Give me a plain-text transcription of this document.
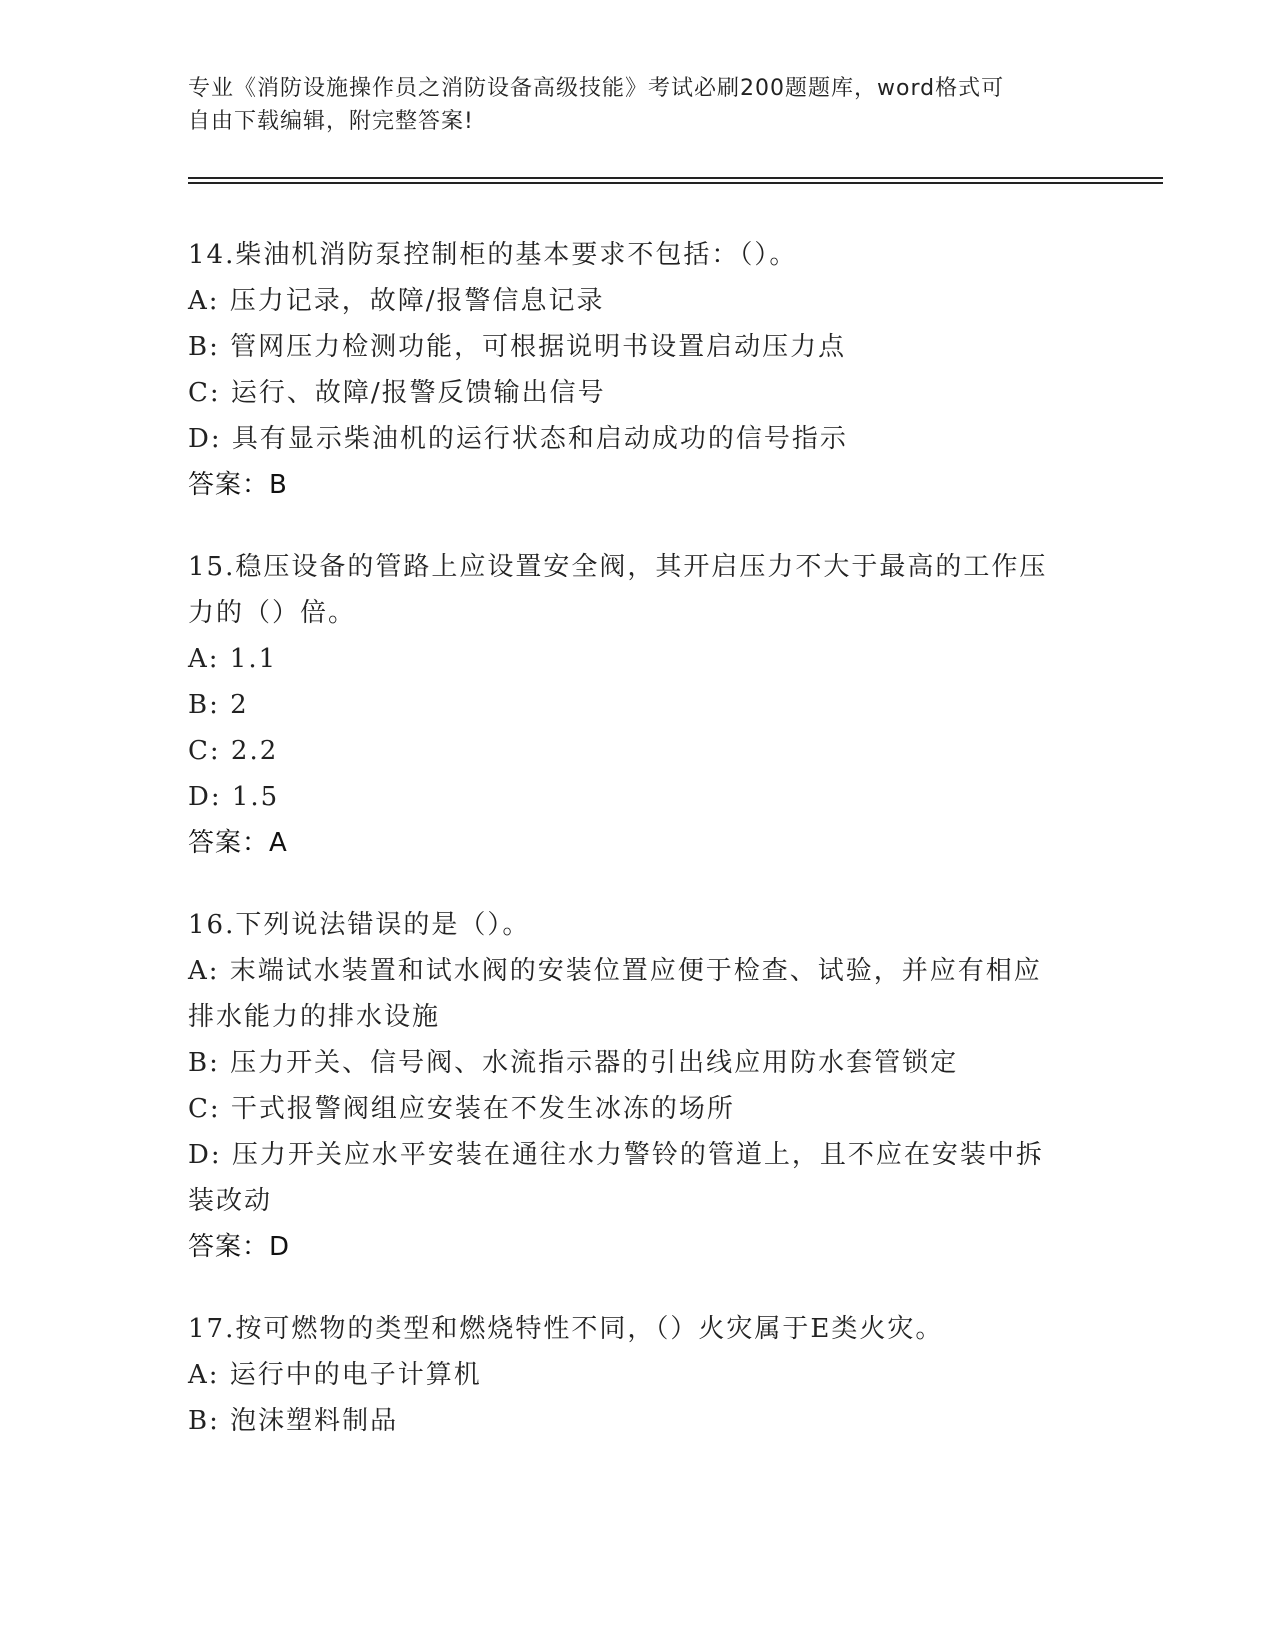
专业《消防设施操作员之消防设备高级技能》考试必刷200题题库，word格式可
自由下载编辑，附完整答案!
14.柴油机消防泵控制柜的基本要求不包括：（）。
A: 压力记录，故障/报警信息记录
B: 管网压力检测功能，可根据说明书设置启动压力点
C: 运行、故障/报警反馈输出信号
D: 具有显示柴油机的运行状态和启动成功的信号指示
答案：B
15.稳压设备的管路上应设置安全阀，其开启压力不大于最高的工作压
力的（）倍。
A: 1.1
B: 2
C: 2.2
D: 1.5
答案：A
16.下列说法错误的是（）。
A: 末端试水装置和试水阀的安装位置应便于检查、试验，并应有相应
排水能力的排水设施
B: 压力开关、信号阀、水流指示器的引出线应用防水套管锁定
C: 干式报警阀组应安装在不发生冰冻的场所
D: 压力开关应水平安装在通往水力警铃的管道上，且不应在安装中拆
装改动
答案：D
17.按可燃物的类型和燃烧特性不同，（）火灾属于E类火灾。
A: 运行中的电子计算机
B: 泡沫塑料制品
